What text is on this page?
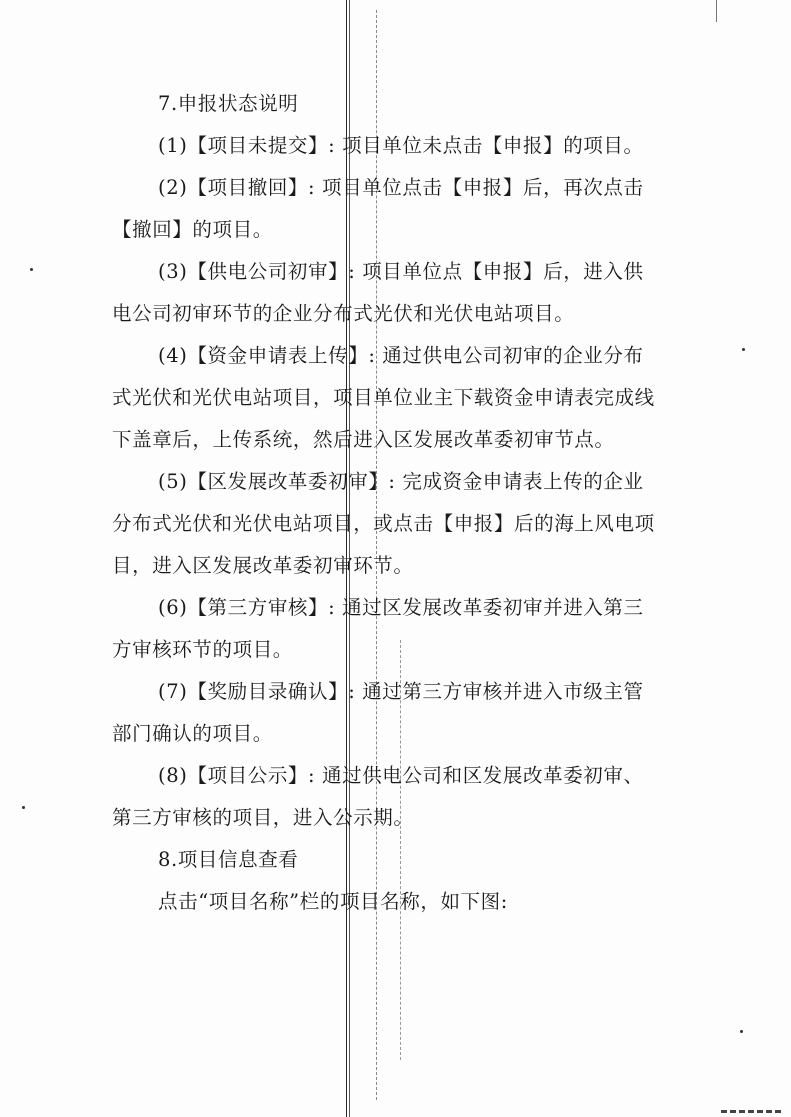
7.申报状态说明
(1)【项目未提交】: 项目单位未点击【申报】的项目。
(2)【项目撤回】: 项目单位点击【申报】后，再次点击
【撤回】的项目。
(3)【供电公司初审】: 项目单位点【申报】后，进入供
电公司初审环节的企业分布式光伏和光伏电站项目。
(4)【资金申请表上传】: 通过供电公司初审的企业分布
式光伏和光伏电站项目，项目单位业主下载资金申请表完成线
下盖章后，上传系统，然后进入区发展改革委初审节点。
(5)【区发展改革委初审】: 完成资金申请表上传的企业
分布式光伏和光伏电站项目，或点击【申报】后的海上风电项
目，进入区发展改革委初审环节。
(6)【第三方审核】: 通过区发展改革委初审并进入第三
方审核环节的项目。
(7)【奖励目录确认】: 通过第三方审核并进入市级主管
部门确认的项目。
(8)【项目公示】: 通过供电公司和区发展改革委初审、
第三方审核的项目，进入公示期。
8.项目信息查看
点击“项目名称”栏的项目名称，如下图:
